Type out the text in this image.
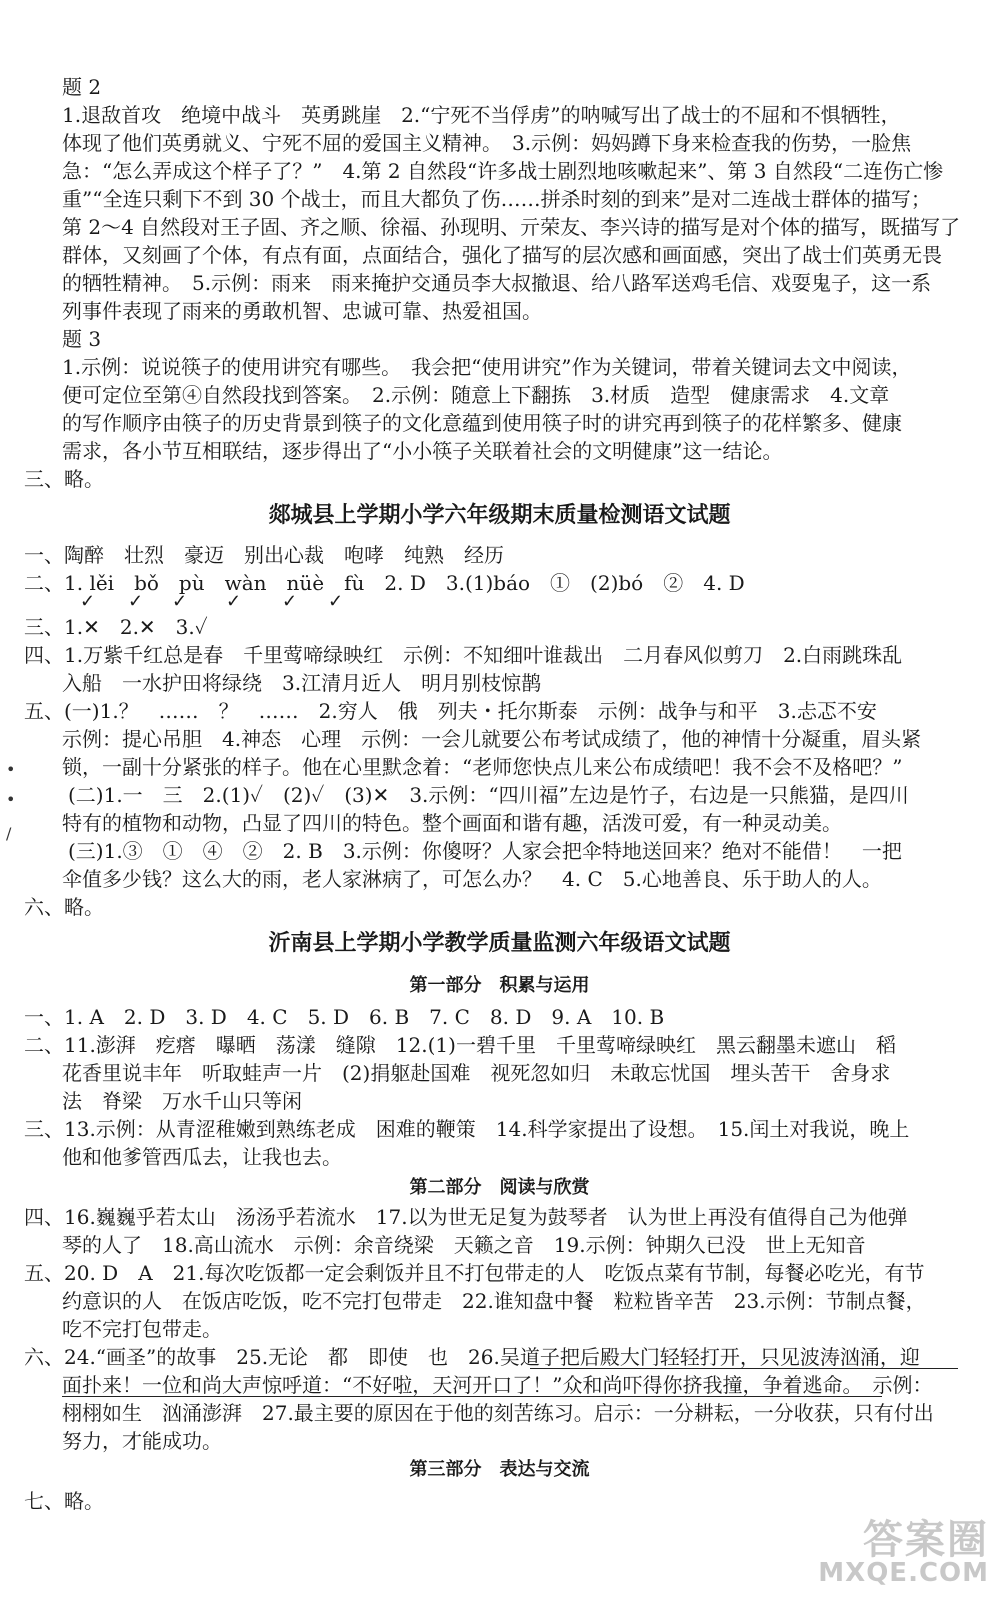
题 2
1.退敌首攻　绝境中战斗　英勇跳崖　2.“宁死不当俘虏”的呐喊写出了战士的不屈和不惧牺牲，
体现了他们英勇就义、宁死不屈的爱国主义精神。　3.示例：妈妈蹲下身来检查我的伤势，一脸焦
急：“怎么弄成这个样子了？”　4.第 2 自然段“许多战士剧烈地咳嗽起来”、第 3 自然段“二连伤亡惨
重”“全连只剩下不到 30 个战士，而且大都负了伤……拼杀时刻的到来”是对二连战士群体的描写；
第 2～4 自然段对王子固、齐之顺、徐福、孙现明、亓荣友、李兴诗的描写是对个体的描写，既描写了
群体，又刻画了个体，有点有面，点面结合，强化了描写的层次感和画面感，突出了战士们英勇无畏
的牺牲精神。　5.示例：雨来　雨来掩护交通员李大叔撤退、给八路军送鸡毛信、戏耍鬼子，这一系
列事件表现了雨来的勇敢机智、忠诚可靠、热爱祖国。
题 3
1.示例：说说筷子的使用讲究有哪些。　我会把“使用讲究”作为关键词，带着关键词去文中阅读，
便可定位至第④自然段找到答案。　2.示例：随意上下翻拣　3.材质　造型　健康需求　4.文章
的写作顺序由筷子的历史背景到筷子的文化意蕴到使用筷子时的讲究再到筷子的花样繁多、健康
需求，各小节互相联结，逐步得出了“小小筷子关联着社会的文明健康”这一结论。
三、略。
郯城县上学期小学六年级期末质量检测语文试题
一、陶醉　壮烈　豪迈　别出心裁　咆哮　纯熟　经历
二、1. lěi　bǒ　pù　wàn　nüè　fù　2. D　3.(1)báo　①　(2)bó　②　4. D
✓ ✓ ✓ ✓ ✓ ✓
三、1.✕　2.✕　3.✓
四、1.万紫千红总是春　千里莺啼绿映红　示例：不知细叶谁裁出　二月春风似剪刀　2.白雨跳珠乱
入船　一水护田将绿绕　3.江清月近人　明月别枝惊鹊
五、(一)1.？　……　？　……　2.穷人　俄　列夫・托尔斯泰　示例：战争与和平　3.忐忑不安
示例：提心吊胆　4.神态　心理　示例：一会儿就要公布考试成绩了，他的神情十分凝重，眉头紧
锁，一副十分紧张的样子。他在心里默念着：“老师您快点儿来公布成绩吧！我不会不及格吧？”
(二)1.一　三　2.(1)✓　(2)✓　(3)✕　3.示例：“四川福”左边是竹子，右边是一只熊猫，是四川
特有的植物和动物，凸显了四川的特色。整个画面和谐有趣，活泼可爱，有一种灵动美。
(三)1.③　①　④　②　2. B　3.示例：你傻呀？人家会把伞特地送回来？绝对不能借！　一把
伞值多少钱？这么大的雨，老人家淋病了，可怎么办？　4. C　5.心地善良、乐于助人的人。
六、略。
沂南县上学期小学教学质量监测六年级语文试题
第一部分　积累与运用
一、1. A　2. D　3. D　4. C　5. D　6. B　7. C　8. D　9. A　10. B
二、11.澎湃　疙瘩　曝晒　荡漾　缝隙　12.(1)一碧千里　千里莺啼绿映红　黑云翻墨未遮山　稻
花香里说丰年　听取蛙声一片　(2)捐躯赴国难　视死忽如归　未敢忘忧国　埋头苦干　舍身求
法　脊梁　万水千山只等闲
三、13.示例：从青涩稚嫩到熟练老成　困难的鞭策　14.科学家提出了设想。　15.闰土对我说，晚上
他和他爹管西瓜去，让我也去。
第二部分　阅读与欣赏
四、16.巍巍乎若太山　汤汤乎若流水　17.以为世无足复为鼓琴者　认为世上再没有值得自己为他弹
琴的人了　18.高山流水　示例：余音绕梁　天籁之音　19.示例：钟期久已没　世上无知音
五、20. D　A　21.每次吃饭都一定会剩饭并且不打包带走的人　吃饭点菜有节制，每餐必吃光，有节
约意识的人　在饭店吃饭，吃不完打包带走　22.谁知盘中餐　粒粒皆辛苦　23.示例：节制点餐，
吃不完打包带走。
六、24.“画圣”的故事　25.无论　都　即使　也　26.吴道子把后殿大门轻轻打开，只见波涛汹涌，迎
面扑来！一位和尚大声惊呼道：“不好啦，天河开口了！”众和尚吓得你挤我撞，争着逃命。　示例：
栩栩如生　汹涌澎湃　27.最主要的原因在于他的刻苦练习。启示：一分耕耘，一分收获，只有付出
努力，才能成功。
第三部分　表达与交流
七、略。
•
•
/
答案圈
MXQE.COM
